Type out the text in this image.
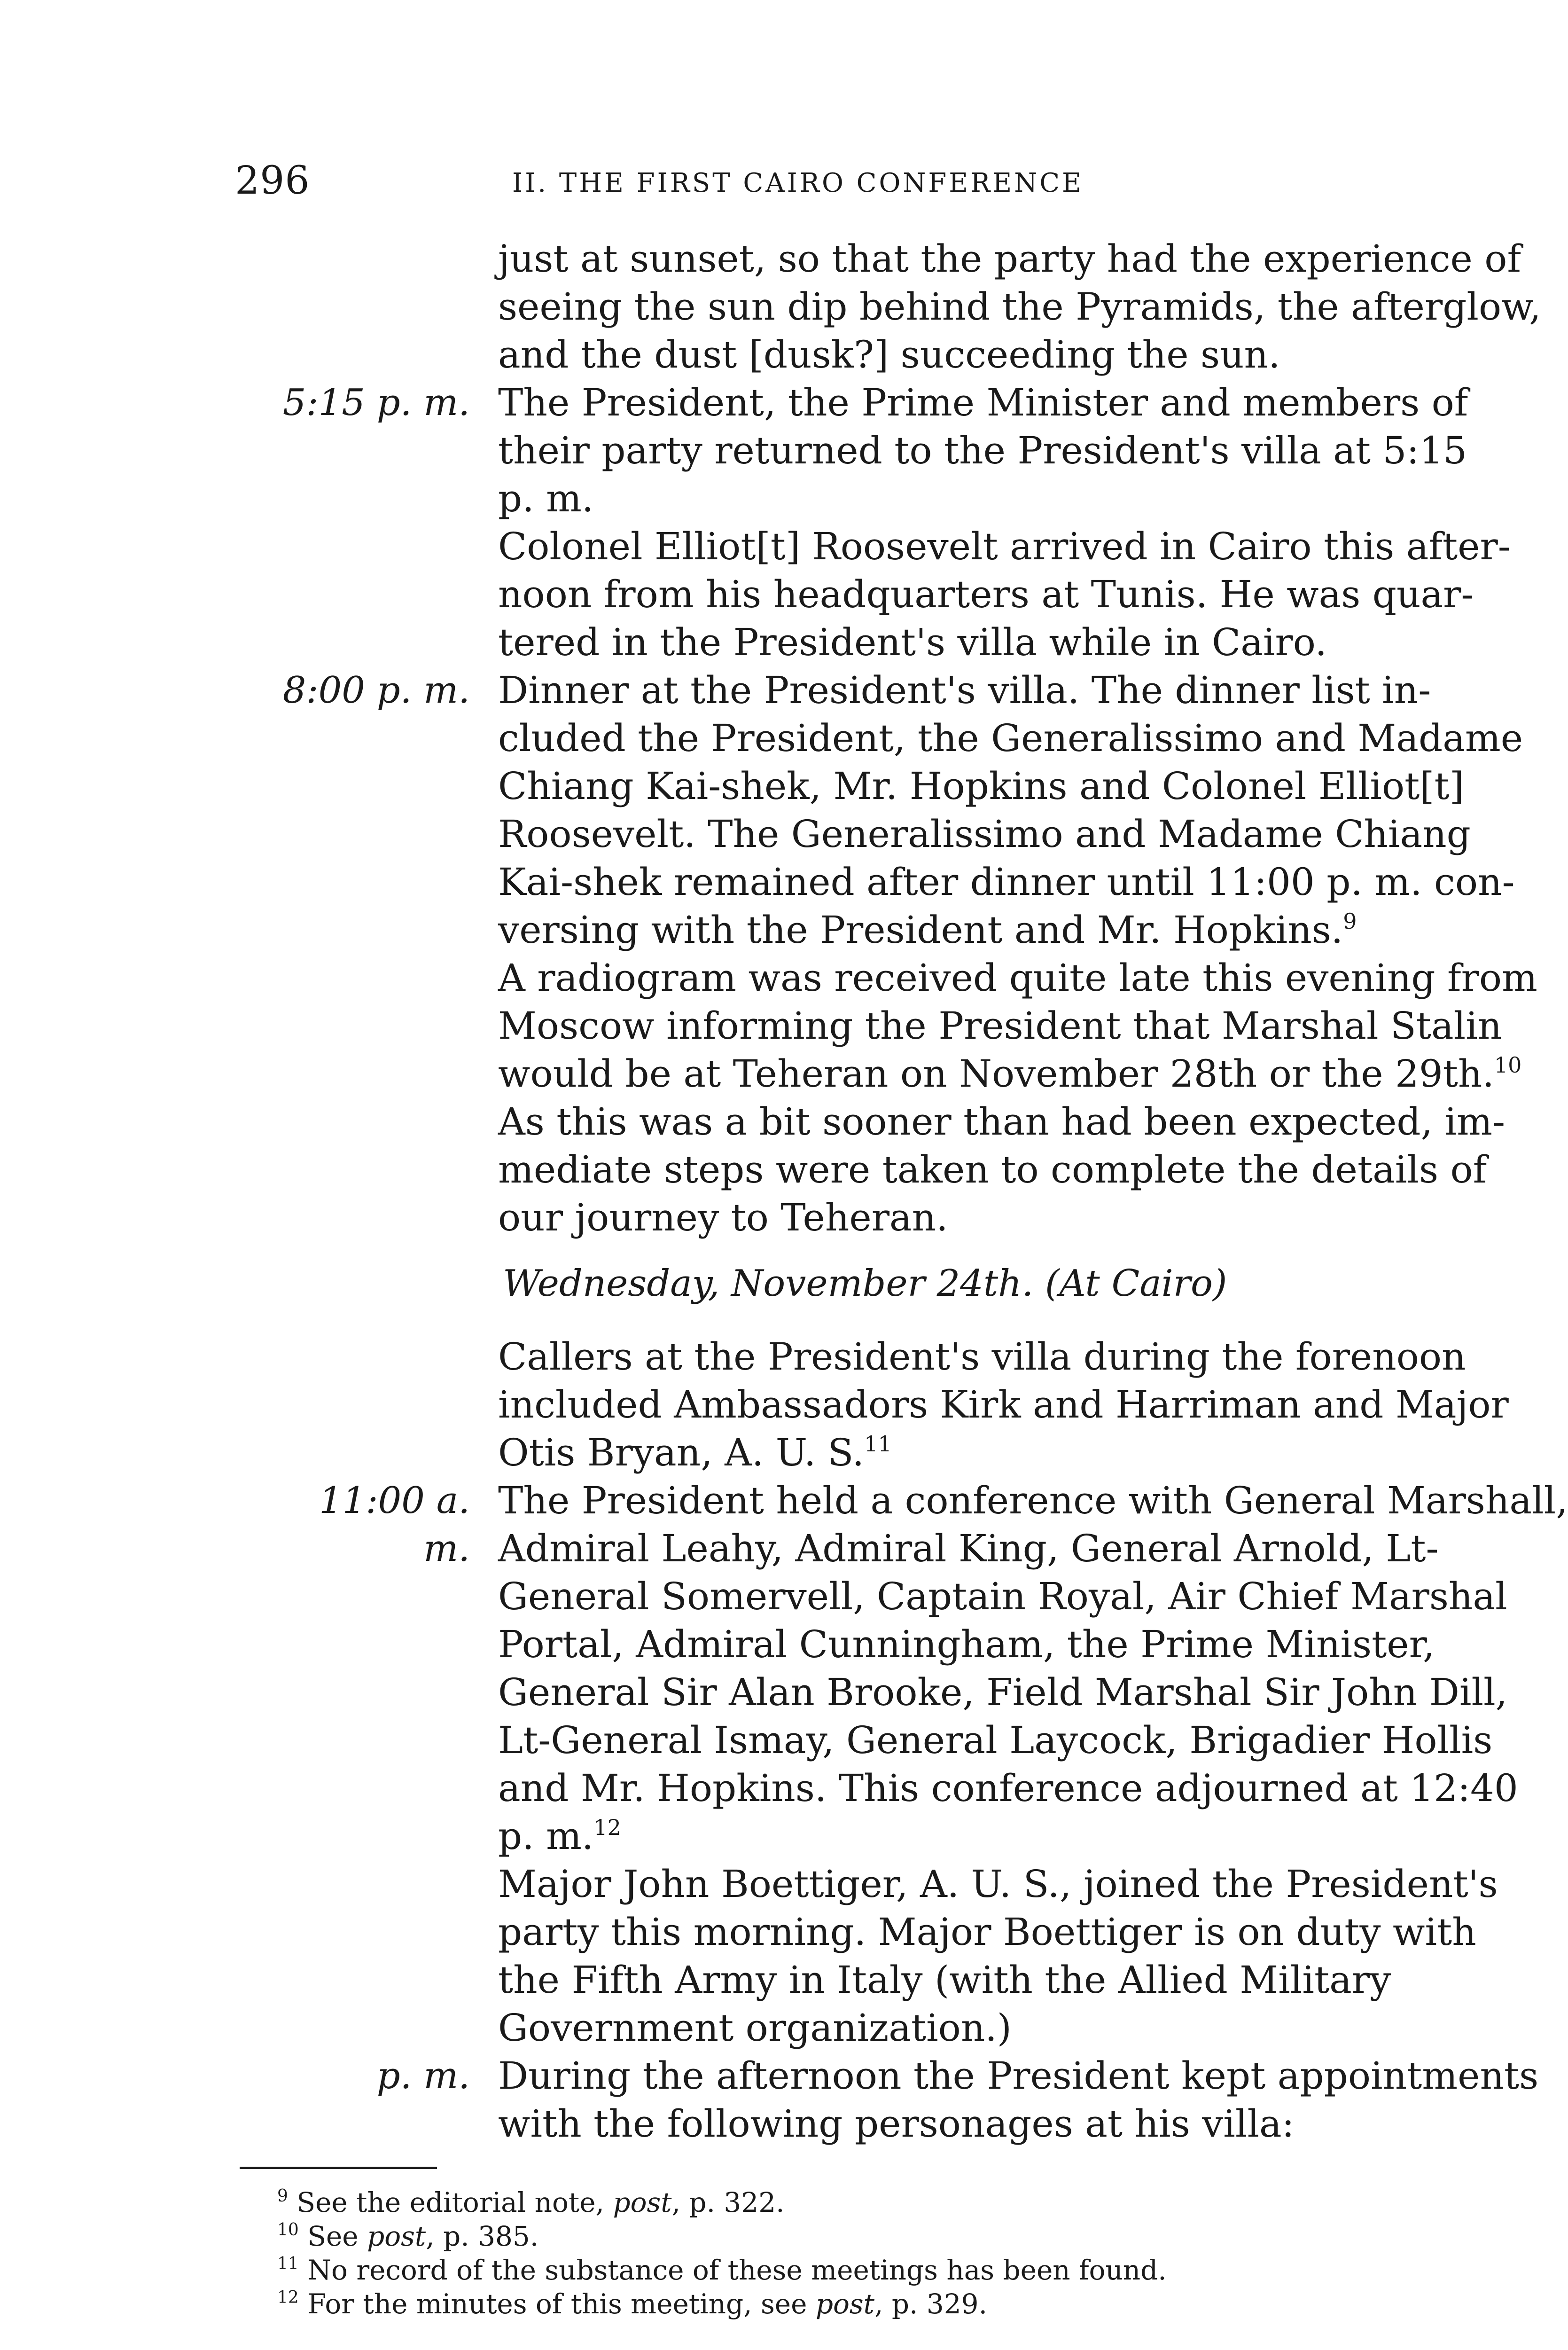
296	II. THE FIRST CAIRO CONFERENCE
just at sunset, so that the party had the experience of
seeing the sun dip behind the Pyramids, the afterglow,
and the dust [dusk?] succeeding the sun.
5:15 p. m. The President, the Prime Minister and members of
their party returned to the President's villa at 5:15
p. m.
Colonel Elliot[t] Roosevelt arrived in Cairo this after-
noon from his headquarters at Tunis. He was quar-
tered in the President's villa while in Cairo.
8:00 p. m. Dinner at the President's villa. The dinner list in-
cluded the President, the Generalissimo and Madame
Chiang Kai-shek, Mr. Hopkins and Colonel Elliot[t]
Roosevelt. The Generalissimo and Madame Chiang
Kai-shek remained after dinner until 11:00 p. m. con-
versing with the President and Mr. Hopkins.$^9$
A radiogram was received quite late this evening from
Moscow informing the President that Marshal Stalin
would be at Teheran on November 28th or the 29th.$^{10}$
As this was a bit sooner than had been expected, im-
mediate steps were taken to complete the details of
our journey to Teheran.
Wednesday, November 24th. (At Cairo)
Callers at the President's villa during the forenoon
included Ambassadors Kirk and Harriman and Major
Otis Bryan, A. U. S.$^{11}$
11:00 a. m.
The President held a conference with General Marshall,
Admiral Leahy, Admiral King, General Arnold, Lt-
General Somervell, Captain Royal, Air Chief Marshal
Portal, Admiral Cunningham, the Prime Minister,
General Sir Alan Brooke, Field Marshal Sir John Dill,
Lt-General Ismay, General Laycock, Brigadier Hollis
and Mr. Hopkins. This conference adjourned at 12:40
p. m.$^{12}$
Major John Boettiger, A. U. S., joined the President's
party this morning. Major Boettiger is on duty with
the Fifth Army in Italy (with the Allied Military
Government organization.)
p. m. During the afternoon the President kept appointments
with the following personages at his villa:
$^9$ See the editorial note, post, p. 322.
$^{10}$ See post, p. 385.
$^{11}$ No record of the substance of these meetings has been found.
$^{12}$ For the minutes of this meeting, see post, p. 329.
